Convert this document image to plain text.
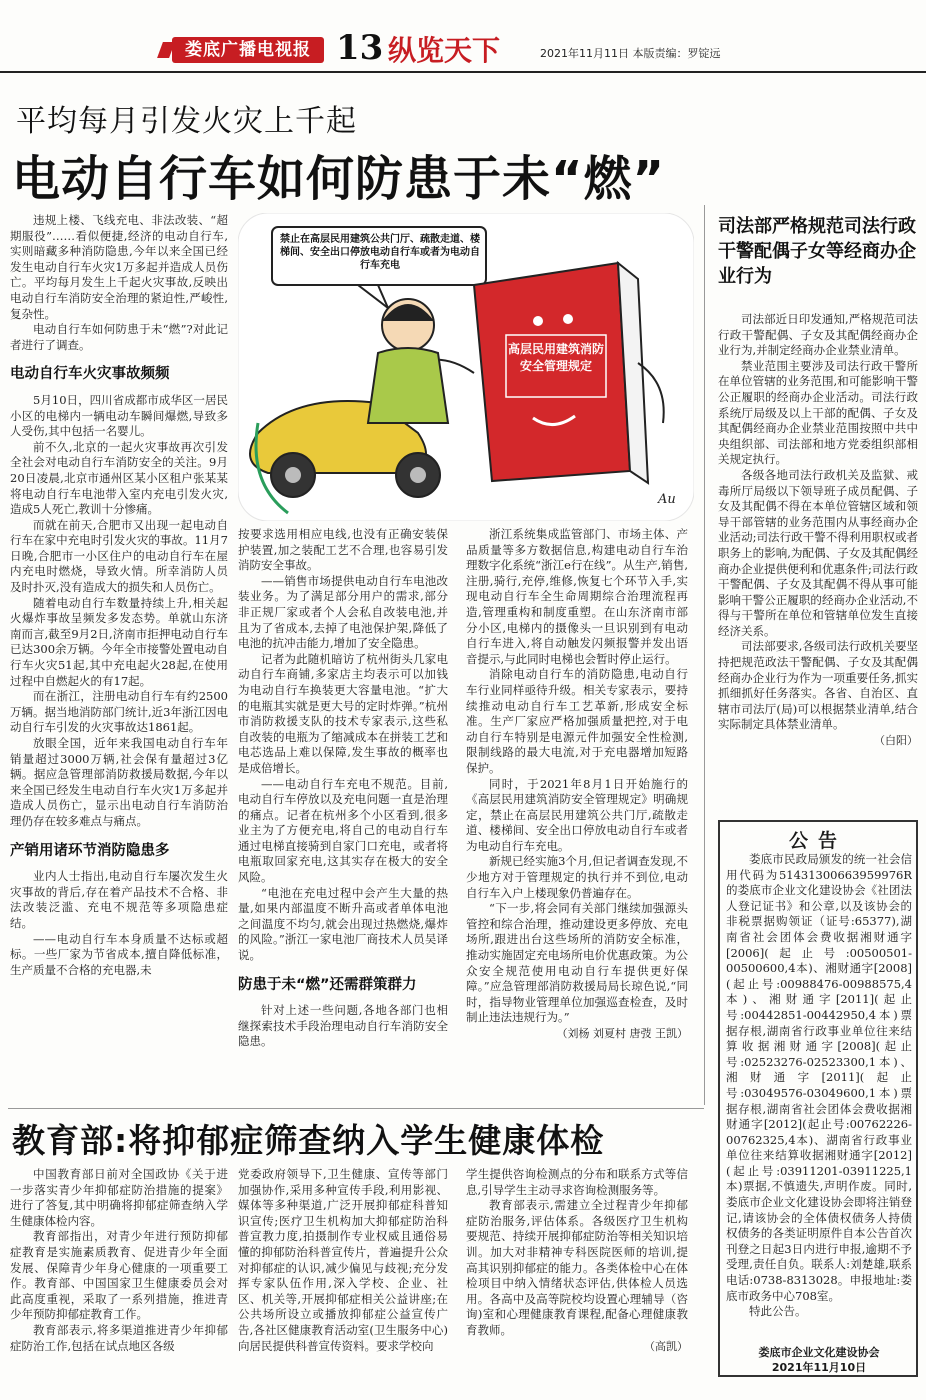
娄底广播电视报 13 纵览天下	2021年11月11日 本版责编：罗锭远
平均每月引发火灾上千起
电动自行车如何防患于未“燃”
Au
禁止在高层民用建筑公共门厅、疏散走道、楼梯间、安全出口停放电动自行车或者为电动自行车充电
高层民用建筑消防安全管理规定

违规上楼、飞线充电、非法改装、“超期服役”……看似便捷,经济的电动自行车,实则暗藏多种消防隐患,今年以来全国已经发生电动自行车火灾1万多起并造成人员伤亡。平均每月发生上千起火灾事故,反映出电动自行车消防安全治理的紧迫性,严峻性,复杂性。

电动自行车如何防患于未“燃”?对此记者进行了调查。

电动自行车火灾事故频频

5月10日，四川省成都市成华区一居民小区的电梯内一辆电动车瞬间爆燃,导致多人受伤,其中包括一名婴儿。

前不久,北京的一起火灾事故再次引发全社会对电动自行车消防安全的关注。9月20日凌晨,北京市通州区某小区租户张某某将电动自行车电池带入室内充电引发火灾,造成5人死亡,教训十分惨痛。

而就在前天,合肥市又出现一起电动自行车在家中充电时引发火灾的事故。11月7日晚,合肥市一小区住户的电动自行车在屋内充电时燃烧，导致火情。所幸消防人员及时扑灭,没有造成大的损失和人员伤亡。

随着电动自行车数量持续上升,相关起火爆炸事故呈频发多发态势。单就山东济南而言,截至9月2日,济南市拒押电动自行车已达300余万辆。今年全市接警处置电动自行车火灾51起,其中充电起火28起,在使用过程中自燃起火的有17起。

而在浙江，注册电动自行车有约2500万辆。据当地消防部门统计,近3年浙江因电动自行车引发的火灾事故达1861起。

放眼全国，近年来我国电动自行车年销量超过3000万辆,社会保有量超过3亿辆。据应急管理部消防救援局数据,今年以来全国已经发生电动自行车火灾1万多起并造成人员伤亡，显示出电动自行车消防治理仍存在较多难点与痛点。

产销用诸环节消防隐患多

业内人士指出,电动自行车屡次发生火灾事故的背后,存在着产品技术不合格、非法改装泛滥、充电不规范等多项隐患症结。

——电动自行车本身质量不达标或超标。一些厂家为节省成本,擅自降低标准，生产质量不合格的充电器,未

按要求选用相应电线,也没有正确安装保护装置,加之装配工艺不合理,也容易引发消防安全事故。

——销售市场提供电动自行车电池改装业务。为了满足部分用户的需求,部分非正规厂家或者个人会私自改装电池,并且为了省成本,去掉了电池保护架,降低了电池的抗冲击能力,增加了安全隐患。

记者为此随机暗访了杭州街头几家电动自行车商铺,多家店主均表示可以加钱为电动自行车换装更大容量电池。“扩大的电瓶其实就是更大号的定时炸弹。”杭州市消防救援支队的技术专家表示,这些私自改装的电瓶为了缩减成本在拼装工艺和电芯选品上难以保障,发生事故的概率也是成倍增长。

——电动自行车充电不规范。目前,电动自行车停放以及充电问题一直是治理的痛点。记者在杭州多个小区看到,很多业主为了方便充电,将自己的电动自行车通过电梯直接骑到自家门口充电，或者将电瓶取回家充电,这其实存在极大的安全风险。

“电池在充电过程中会产生大量的热量,如果内部温度不断升高或者单体电池之间温度不均匀,就会出现过热燃烧,爆炸的风险。”浙江一家电池厂商技术人员吴译说。

防患于未“燃”还需群策群力

针对上述一些问题,各地各部门也相继探索技术手段治理电动自行车消防安全隐患。

浙江系统集成监管部门、市场主体、产品质量等多方数据信息,构建电动自行车治理数字化系统“浙江e行在线”。从生产,销售,注册,骑行,充停,维修,恢复七个环节入手,实现电动自行车全生命周期综合治理流程再造,管理重构和制度重塑。在山东济南市部分小区,电梯内的摄像头一旦识别到有电动自行车进入,将自动触发闪频报警并发出语音提示,与此同时电梯也会暂时停止运行。

消除电动自行车的消防隐患,电动自行车行业同样亟待升级。相关专家表示，要持续推动电动自行车工艺革新,形成安全标准。生产厂家应严格加强质量把控,对于电动自行车特别是电源元件加强安全性检测,限制线路的最大电流,对于充电器增加短路保护。

同时，于2021年8月1日开始施行的《高层民用建筑消防安全管理规定》明确规定，禁止在高层民用建筑公共门厅,疏散走道、楼梯间、安全出口停放电动自行车或者为电动自行车充电。

新规已经实施3个月,但记者调查发现,不少地方对于管理规定的执行并不到位,电动自行车入户上楼现象仍普遍存在。

“下一步,将会同有关部门继续加强源头管控和综合治理，推动建设更多停放、充电场所,跟进出台这些场所的消防安全标准，推动实施固定充电场所电价优惠政策。为公众安全规范使用电动自行车提供更好保障。”应急管理部消防救援局局长琼色说,“同时，指导物业管理单位加强巡查检查，及时制止违法违规行为。”

（刘杨 刘夏村 唐弢 王凯）
司法部严格规范司法行政干警配偶子女等经商办企业行为

司法部近日印发通知,严格规范司法行政干警配偶、子女及其配偶经商办企业行为,并制定经商办企业禁业清单。

禁业范围主要涉及司法行政干警所在单位管辖的业务范围,和可能影响干警公正履职的经商办企业活动。司法行政系统厅局级及以上干部的配偶、子女及其配偶经商办企业禁业范围按照中共中央组织部、司法部和地方党委组织部相关规定执行。

各级各地司法行政机关及监狱、戒毒所厅局级以下领导班子成员配偶、子女及其配偶不得在本单位管辖区域和领导干部管辖的业务范围内从事经商办企业活动;司法行政干警不得利用职权或者职务上的影响,为配偶、子女及其配偶经商办企业提供便利和优惠条件;司法行政干警配偶、子女及其配偶不得从事可能影响干警公正履职的经商办企业活动,不得与干警所在单位和管辖单位发生直接经济关系。

司法部要求,各级司法行政机关要坚持把规范政法干警配偶、子女及其配偶经商办企业行为作为一项重要任务,抓实抓细抓好任务落实。各省、自治区、直辖市司法厅(局)可以根据禁业清单,结合实际制定具体禁业清单。

（白阳）
公告

娄底市民政局颁发的统一社会信用代码为51431300663959976R的娄底市企业文化建设协会《社团法人登记证书》和公章,以及该协会的非税票据购领证（证号:65377),湖南省社会团体会费收据湘财通字[2006](起止号:00500501-00500600,4本)、湘财通字[2008](起止号:00988476-00988575,4本)、湘财通字[2011](起止号:00442851-00442950,4本)票据存根,湖南省行政事业单位往来结算收据湘财通字[2008](起止号:02523276-02523300,1本)、湘财通字[2011](起止号:03049576-03049600,1本)票据存根,湖南省社会团体会费收据湘财通字[2012](起止号:00762226-00762325,4本)、湖南省行政事业单位往来结算收据湘财通字[2012](起止号:03911201-03911225,1本)票据,不慎遗失,声明作废。同时,娄底市企业文化建设协会即将注销登记,请该协会的全体债权债务人持债权债务的各类证明原件自本公告首次刊登之日起3日内进行申报,逾期不予受理,责任自负。联系人:刘楚雄,联系电话:0738-8313028。申报地址:娄底市政务中心708室。

特此公告。

娄底市企业文化建设协会
2021年11月10日
教育部:将抑郁症筛查纳入学生健康体检

中国教育部日前对全国政协《关于进一步落实青少年抑郁症防治措施的提案》进行了答复,其中明确将抑郁症筛查纳入学生健康体检内容。

教育部指出，对青少年进行预防抑郁症教育是实施素质教育、促进青少年全面发展、保障青少年身心健康的一项重要工作。教育部、中国国家卫生健康委员会对此高度重视，采取了一系列措施，推进青少年预防抑郁症教育工作。

教育部表示,将多渠道推进青少年抑郁症防治工作,包括在试点地区各级

党委政府领导下,卫生健康、宣传等部门加强协作,采用多种宣传手段,利用影视、媒体等多种渠道,广泛开展抑郁症科普知识宣传;医疗卫生机构加大抑郁症防治科普宣教力度,拍摄制作专业权威且通俗易懂的抑郁防治科普宣传片，普遍提升公众对抑郁症的认识,减少偏见与歧视;充分发挥专家队伍作用,深入学校、企业、社区、机关等,开展抑郁症相关公益讲座;在公共场所设立或播放抑郁症公益宣传广告,各社区健康教育活动室(卫生服务中心)向居民提供科普宣传资料。要求学校向

学生提供咨询检测点的分布和联系方式等信息,引导学生主动寻求咨询检测服务等。

教育部表示,需建立全过程青少年抑郁症防治服务,评估体系。各级医疗卫生机构要规范、持续开展抑郁症防治等相关知识培训。加大对非精神专科医院医师的培训,提高其识别抑郁症的能力。各类体检中心在体检项目中纳入情绪状态评估,供体检人员选用。各高中及高等院校均设置心理辅导（咨询)室和心理健康教育课程,配备心理健康教育教师。

（高凯）
